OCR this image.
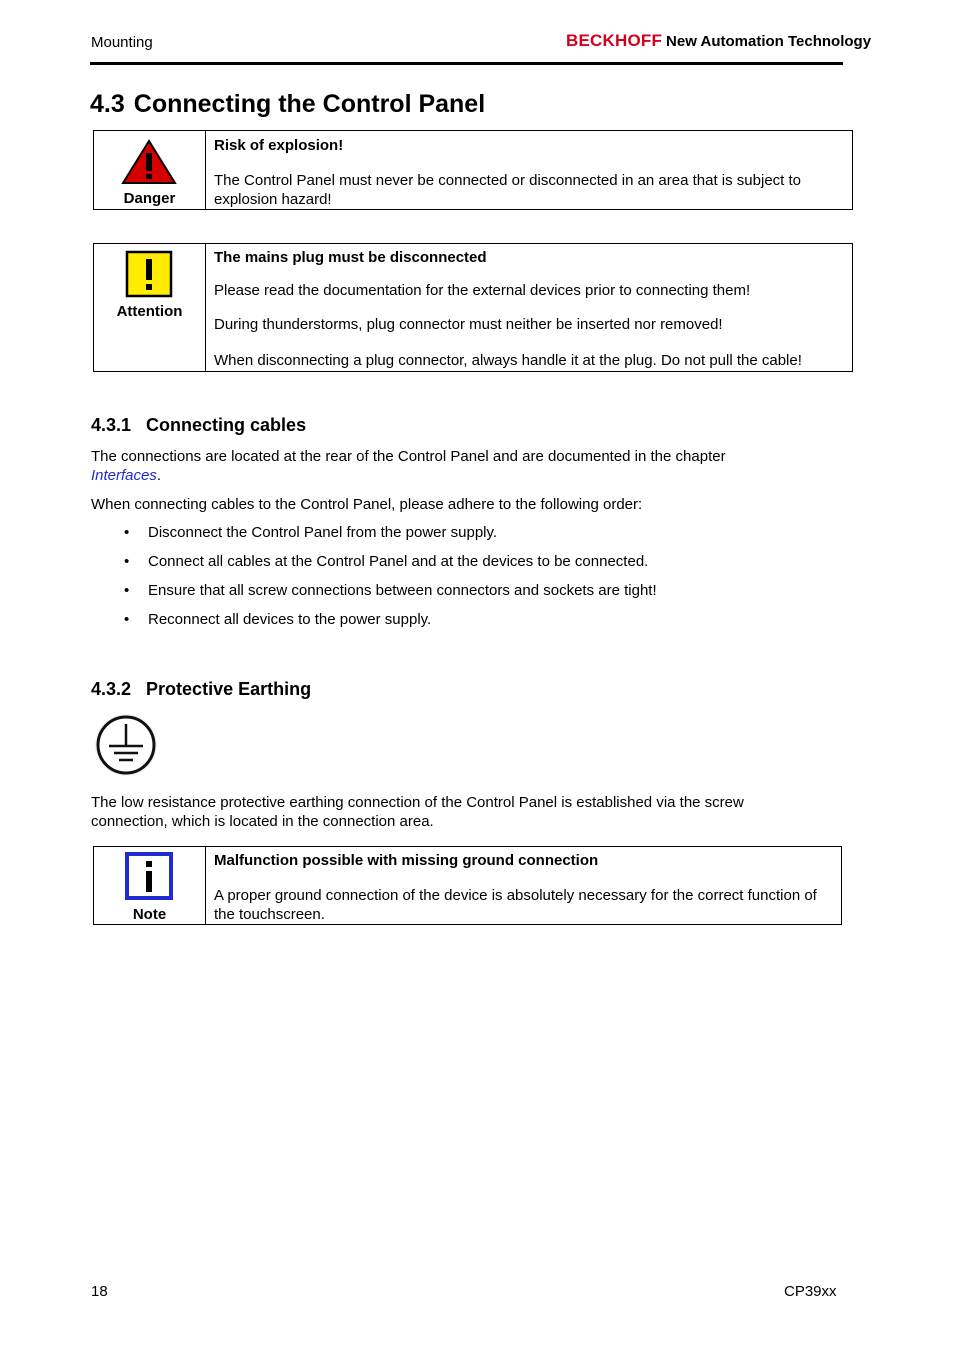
Mounting	BECKHOFF New Automation Technology
4.3 Connecting the Control Panel
Danger

Risk of explosion!

The Control Panel must never be connected or disconnected in an area that is subject to explosion hazard!

Attention

The mains plug must be disconnected

Please read the documentation for the external devices prior to connecting them!

During thunderstorms, plug connector must neither be inserted nor removed!

When disconnecting a plug connector, always handle it at the plug. Do not pull the cable!

4.3.1 Connecting cables

The connections are located at the rear of the Control Panel and are documented in the chapter
Interfaces.

When connecting cables to the Control Panel, please adhere to the following order:

• Disconnect the Control Panel from the power supply.
• Connect all cables at the Control Panel and at the devices to be connected.
• Ensure that all screw connections between connectors and sockets are tight!
• Reconnect all devices to the power supply.
4.3.2 Protective Earthing

The low resistance protective earthing connection of the Control Panel is established via the screw connection, which is located in the connection area.

Note

Malfunction possible with missing ground connection

A proper ground connection of the device is absolutely necessary for the correct function of the touchscreen.

18	CP39xx
